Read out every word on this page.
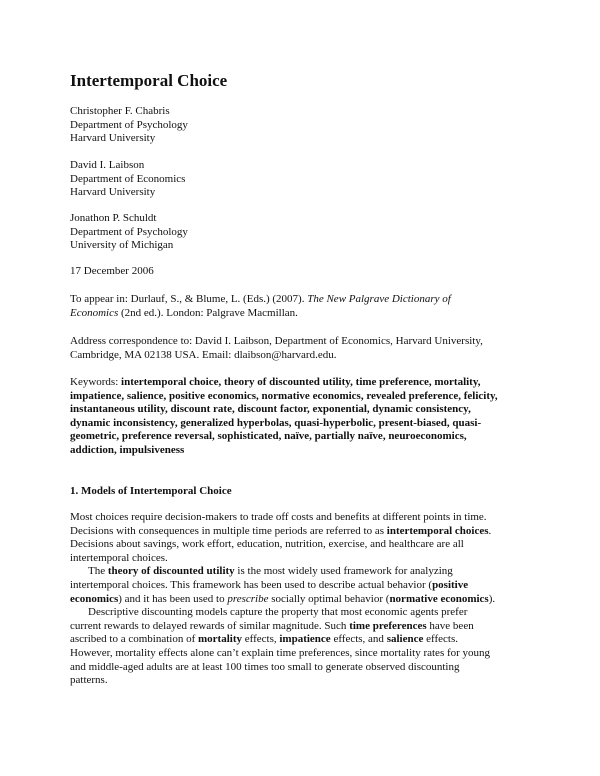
Intertemporal Choice
Christopher F. Chabris
Department of Psychology
Harvard University
David I. Laibson
Department of Economics
Harvard University
Jonathon P. Schuldt
Department of Psychology
University of Michigan
17 December 2006
To appear in: Durlauf, S., & Blume, L. (Eds.) (2007). The New Palgrave Dictionary of
Economics (2nd ed.). London: Palgrave Macmillan.
Address correspondence to: David I. Laibson, Department of Economics, Harvard University,
Cambridge, MA 02138 USA. Email: dlaibson@harvard.edu.
Keywords: intertemporal choice, theory of discounted utility, time preference, mortality,
impatience, salience, positive economics, normative economics, revealed preference, felicity,
instantaneous utility, discount rate, discount factor, exponential, dynamic consistency,
dynamic inconsistency, generalized hyperbolas, quasi-hyperbolic, present-biased, quasi-
geometric, preference reversal, sophisticated, naïve, partially naïve, neuroeconomics,
addiction, impulsiveness
1. Models of Intertemporal Choice
Most choices require decision-makers to trade off costs and benefits at different points in time.
Decisions with consequences in multiple time periods are referred to as intertemporal choices.
Decisions about savings, work effort, education, nutrition, exercise, and healthcare are all
intertemporal choices.
The theory of discounted utility is the most widely used framework for analyzing
intertemporal choices. This framework has been used to describe actual behavior (positive
economics) and it has been used to prescribe socially optimal behavior (normative economics).
Descriptive discounting models capture the property that most economic agents prefer
current rewards to delayed rewards of similar magnitude. Such time preferences have been
ascribed to a combination of mortality effects, impatience effects, and salience effects.
However, mortality effects alone can’t explain time preferences, since mortality rates for young
and middle-aged adults are at least 100 times too small to generate observed discounting
patterns.
